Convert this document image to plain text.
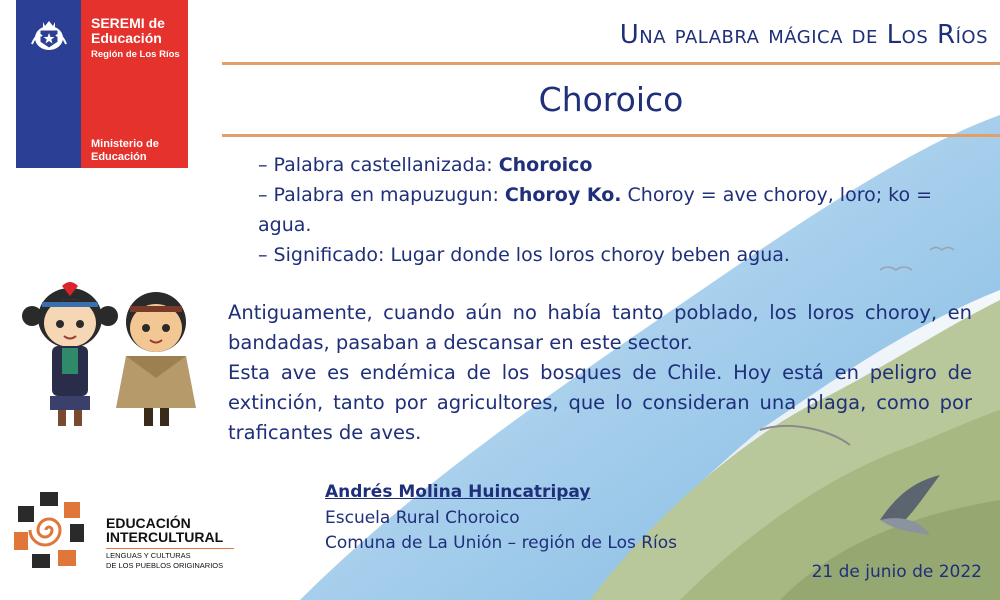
SEREMI de
Educación
Región de Los Ríos
Ministerio de
Educación
Una palabra mágica de Los Ríos
Choroico
– Palabra castellanizada: Choroico
– Palabra en mapuzugun: Choroy Ko. Choroy = ave choroy, loro; ko = agua.
– Significado: Lugar donde los loros choroy beben agua.

Antiguamente, cuando aún no había tanto poblado, los loros choroy, en bandadas, pasaban a descansar en este sector.

Esta ave es endémica de los bosques de Chile. Hoy está en peligro de extinción, tanto por agricultores, que lo consideran una plaga, como por traficantes de aves.

Andrés Molina Huincatripay
Escuela Rural Choroico
Comuna de La Unión – región de Los Ríos
21 de junio de 2022
EDUCACIÓN
INTERCULTURAL
LENGUAS Y CULTURAS
DE LOS PUEBLOS ORIGINARIOS
